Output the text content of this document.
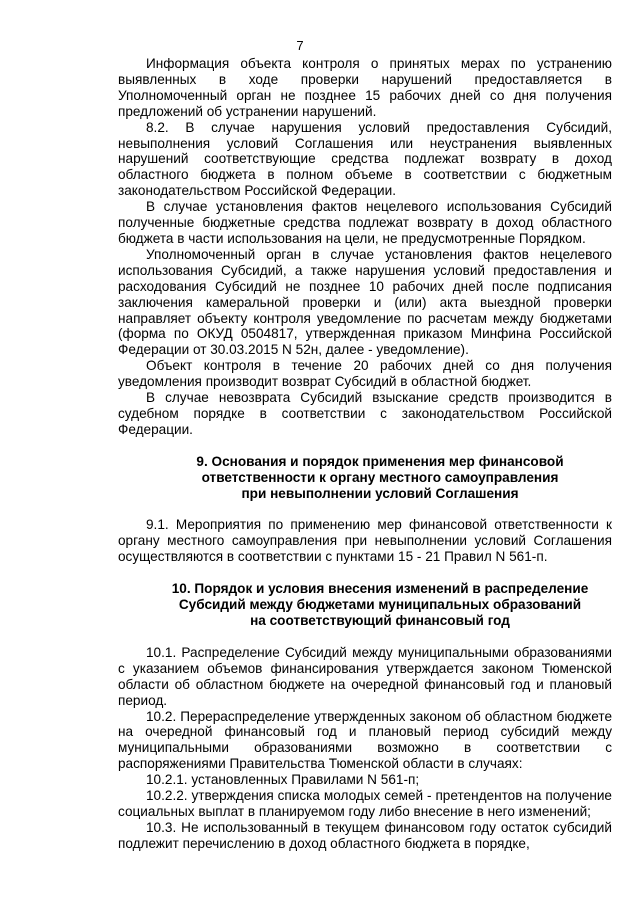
7

Информация объекта контроля о принятых мерах по устранению выявленных в ходе проверки нарушений предоставляется в Уполномоченный орган не позднее 15 рабочих дней со дня получения предложений об устранении нарушений.

8.2. В случае нарушения условий предоставления Субсидий, невыполнения условий Соглашения или неустранения выявленных нарушений соответствующие средства подлежат возврату в доход областного бюджета в полном объеме в соответствии с бюджетным законодательством Российской Федерации.

В случае установления фактов нецелевого использования Субсидий полученные бюджетные средства подлежат возврату в доход областного бюджета в части использования на цели, не предусмотренные Порядком.

Уполномоченный орган в случае установления фактов нецелевого использования Субсидий, а также нарушения условий предоставления и расходования Субсидий не позднее 10 рабочих дней после подписания заключения камеральной проверки и (или) акта выездной проверки направляет объекту контроля уведомление по расчетам между бюджетами (форма по ОКУД 0504817, утвержденная приказом Минфина Российской Федерации от 30.03.2015 N 52н, далее - уведомление).

Объект контроля в течение 20 рабочих дней со дня получения уведомления производит возврат Субсидий в областной бюджет.

В случае невозврата Субсидий взыскание средств производится в судебном порядке в соответствии с законодательством Российской Федерации.

9. Основания и порядок применения мер финансовой
ответственности к органу местного самоуправления
при невыполнении условий Соглашения

9.1. Мероприятия по применению мер финансовой ответственности к органу местного самоуправления при невыполнении условий Соглашения осуществляются в соответствии с пунктами 15 - 21 Правил N 561-п.

10. Порядок и условия внесения изменений в распределение
Субсидий между бюджетами муниципальных образований
на соответствующий финансовый год

10.1. Распределение Субсидий между муниципальными образованиями с указанием объемов финансирования утверждается законом Тюменской области об областном бюджете на очередной финансовый год и плановый период.

10.2. Перераспределение утвержденных законом об областном бюджете на очередной финансовый год и плановый период субсидий между муниципальными образованиями возможно в соответствии с распоряжениями Правительства Тюменской области в случаях:

10.2.1. установленных Правилами N 561-п;

10.2.2. утверждения списка молодых семей - претендентов на получение социальных выплат в планируемом году либо внесение в него изменений;

10.3. Не использованный в текущем финансовом году остаток субсидий подлежит перечислению в доход областного бюджета в порядке,
